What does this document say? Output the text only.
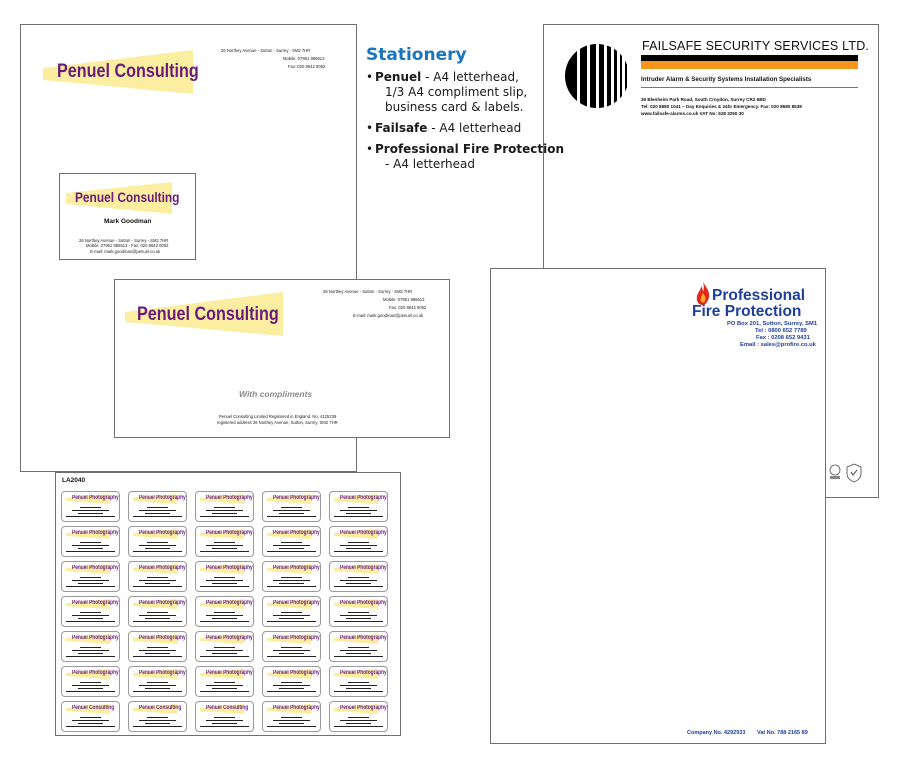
Penuel Consulting
26 Northey Avenue - Sutton - Surrey - SM2 7HR
Mobile: 07951 986613
Fax: 020 8642 0052
Penuel Consulting
Mark Goodman
26 Northey Avenue - Sutton - Surrey - SM2 7HR
Mobile: 07951 986613 - Fax: 020 8642 0052
E-mail: mark.goodman@penuel.co.uk
FAILSAFE SECURITY SERVICES LTD.
Intruder Alarm & Security Systems Installation Specialists
36 Blenheim Park Road, South Croydon, Surrey CR2 6BD
Tel: 020 8680 1041 ~ Day Enquiries & 24hr Emergency. Fax: 020 8680 8538
www.failsafe-alarms.co.uk VAT No: 628 3250 30
Penuel Consulting
26 Northey Avenue - Sutton - Surrey - SM2 7HR
Mobile: 07951 986613
Fax: 020 8642 0052
E-mail: mark.goodman@penuel.co.uk
With compliments
Penuel Consulting Limited Registered in England. No. 4125239
registered address 26 Northey Avenue, Sutton, Surrey, SM2 7HR
Stationery
• Penuel - A4 letterhead,
1/3 A4 compliment slip,
business card & labels.
• Failsafe - A4 letterhead
• Professional Fire Protection
- A4 letterhead
Professional
Fire Protection
PO Box 201, Sutton, Surrey, SM1
Tel : 0800 652 7789
Fax : 0208 652 9431
Email : sales@profire.co.uk
Company No. 4292933 Vat No. 788 2165 89
LA2040
Penuel Photography	Penuel Photography	Penuel Photography	Penuel Photography	Penuel Photography
Penuel Photography	Penuel Photography	Penuel Photography	Penuel Photography	Penuel Photography
Penuel Photography	Penuel Photography	Penuel Photography	Penuel Photography	Penuel Photography
Penuel Photography	Penuel Photography	Penuel Photography	Penuel Photography	Penuel Photography
Penuel Photography	Penuel Photography	Penuel Photography	Penuel Photography	Penuel Photography
Penuel Photography	Penuel Photography	Penuel Photography	Penuel Photography	Penuel Photography
Penuel Consulting	Penuel Consulting	Penuel Consulting	Penuel Photography	Penuel Photography
